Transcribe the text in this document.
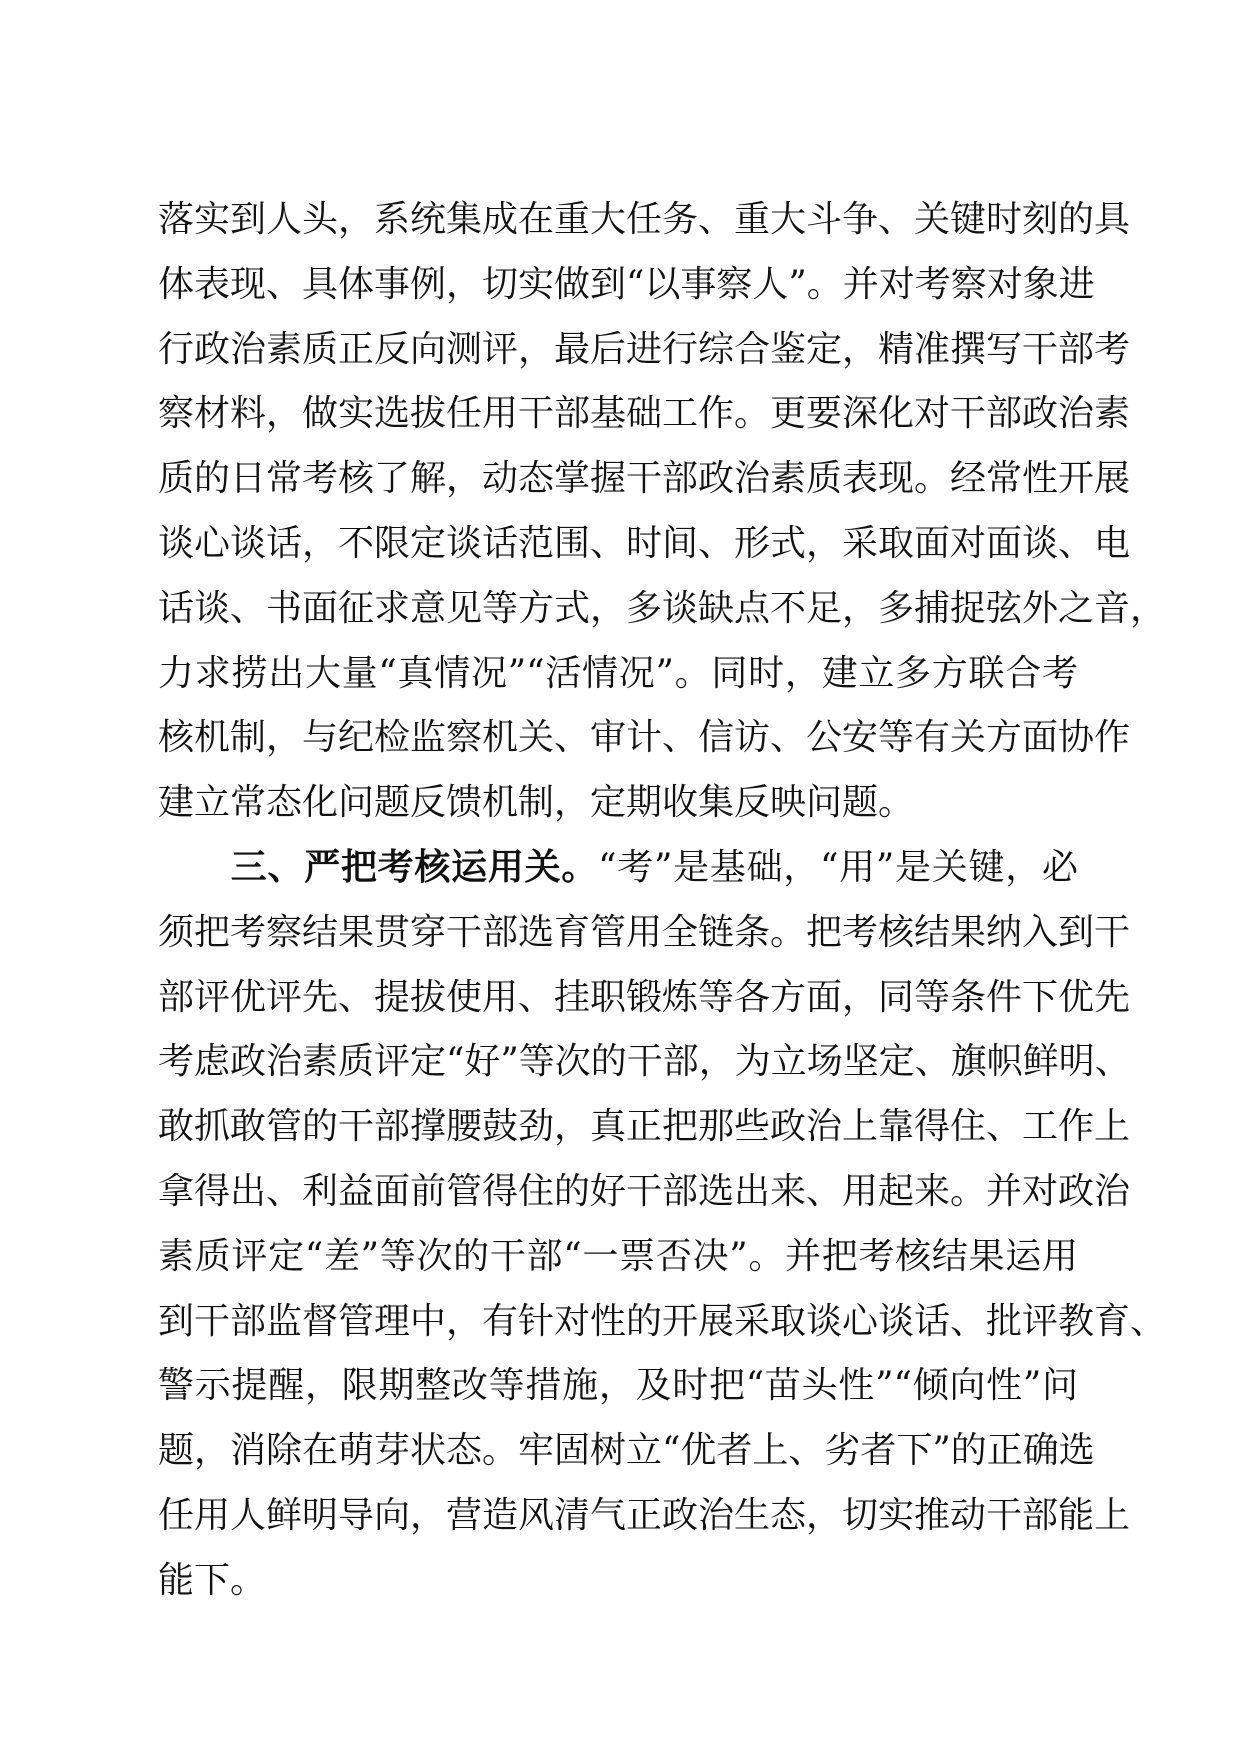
落实到人头，系统集成在重大任务、重大斗争、关键时刻的具
体表现、具体事例，切实做到“以事察人”。并对考察对象进
行政治素质正反向测评，最后进行综合鉴定，精准撰写干部考
察材料，做实选拔任用干部基础工作。更要深化对干部政治素
质的日常考核了解，动态掌握干部政治素质表现。经常性开展
谈心谈话，不限定谈话范围、时间、形式，采取面对面谈、电
话谈、书面征求意见等方式，多谈缺点不足，多捕捉弦外之音，
力求捞出大量“真情况”“活情况”。同时，建立多方联合考
核机制，与纪检监察机关、审计、信访、公安等有关方面协作
建立常态化问题反馈机制，定期收集反映问题。
三、严把考核运用关。“考”是基础，“用”是关键，必
须把考察结果贯穿干部选育管用全链条。把考核结果纳入到干
部评优评先、提拔使用、挂职锻炼等各方面，同等条件下优先
考虑政治素质评定“好”等次的干部，为立场坚定、旗帜鲜明、
敢抓敢管的干部撑腰鼓劲，真正把那些政治上靠得住、工作上
拿得出、利益面前管得住的好干部选出来、用起来。并对政治
素质评定“差”等次的干部“一票否决”。并把考核结果运用
到干部监督管理中，有针对性的开展采取谈心谈话、批评教育、
警示提醒，限期整改等措施，及时把“苗头性”“倾向性”问
题，消除在萌芽状态。牢固树立“优者上、劣者下”的正确选
任用人鲜明导向，营造风清气正政治生态，切实推动干部能上
能下。
